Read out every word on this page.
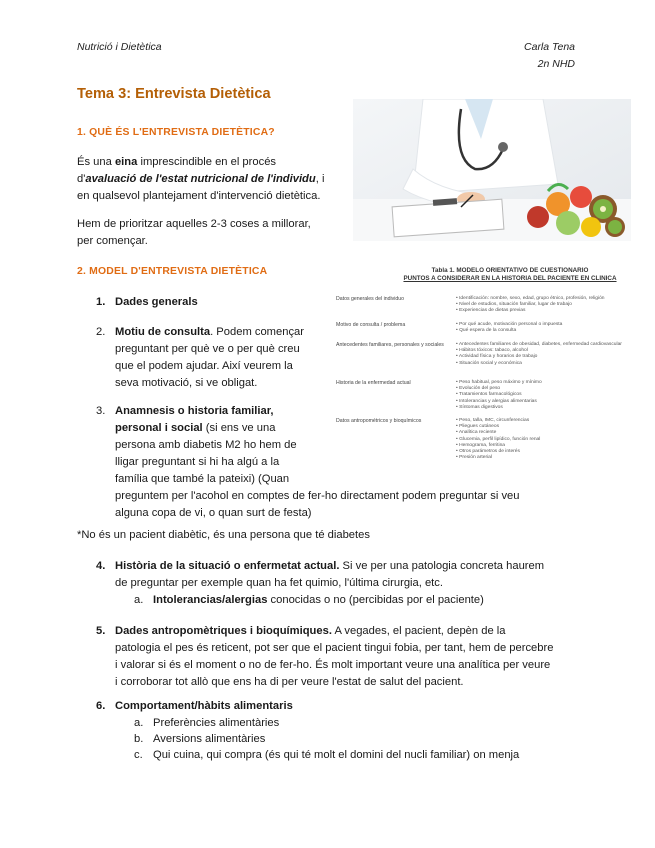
Nutrició i Dietètica	Carla Tena
2n NHD
Tema 3: Entrevista Dietètica
1. QUÈ ÉS L'ENTREVISTA DIETÈTICA?
És una eina imprescindible en el procés
d'avaluació de l'estat nutricional de l'individu, i
en qualsevol plantejament d'intervenció dietètica.
Hem de prioritzar aquelles 2-3 coses a millorar,
per començar.
2. MODEL D'ENTREVISTA DIETÈTICA	Tabla 1. MODELO ORIENTATIVO DE CUESTIONARIO
PUNTOS A CONSIDERAR EN LA HISTORIA DEL PACIENTE EN CLINICA
Datos generales del individuo	• Identificación: nombre, sexo, edad, grupo étnico, profesión, religión
• Nivel de estudios, situación familiar, lugar de trabajo
• Experiencias de dietas previas
Motivo de consulta / problema	• Por qué acude, motivación personal o impuesta
• Qué espera de la consulta
Antecedentes familiares, personales y sociales	• Antecedentes familiares de obesidad, diabetes, enfermedad cardiovascular
• Hábitos tóxicos: tabaco, alcohol
• Actividad física y horarios de trabajo
• Situación social y económica
Historia de la enfermedad actual	• Peso habitual, peso máximo y mínimo
• Evolución del peso
• Tratamientos farmacológicos
• Intolerancias y alergias alimentarias
• Síntomas digestivos
Datos antropométricos y bioquímicos	• Peso, talla, IMC, circunferencias
• Pliegues cutáneos
• Analítica reciente
• Glucemia, perfil lipídico, función renal
• Hemograma, ferritina
• Otros parámetros de interés
• Presión arterial
1. Dades generals
2. Motiu de consulta. Podem començar
preguntant per què ve o per què creu
que el podem ajudar. Així veurem la
seva motivació, si ve obligat.
3. Anamnesis o historia familiar,
personal i social (si ens ve una
persona amb diabetis M2 ho hem de
lligar preguntant si hi ha algú a la
família que també la pateixi) (Quan
preguntem per l'acohol en comptes de fer-ho directament podem preguntar si veu
alguna copa de vi, o quan surt de festa)
*No és un pacient diabètic, és una persona que té diabetes
4. Història de la situació o enfermetat actual. Si ve per una patologia concreta haurem
de preguntar per exemple quan ha fet quimio, l'última cirurgia, etc.
a. Intolerancias/alergias conocidas o no (percibidas por el paciente)
5. Dades antropomètriques i bioquímiques. A vegades, el pacient, depèn de la
patologia el pes és reticent, pot ser que el pacient tingui fobia, per tant, hem de percebre
i valorar si és el moment o no de fer-ho. És molt important veure una analítica per veure
i corroborar tot allò que ens ha di per veure l'estat de salut del pacient.
6. Comportament/hàbits alimentaris
a. Preferències alimentàries
b. Aversions alimentàries
c. Qui cuina, qui compra (és qui té molt el domini del nucli familiar) on menja
